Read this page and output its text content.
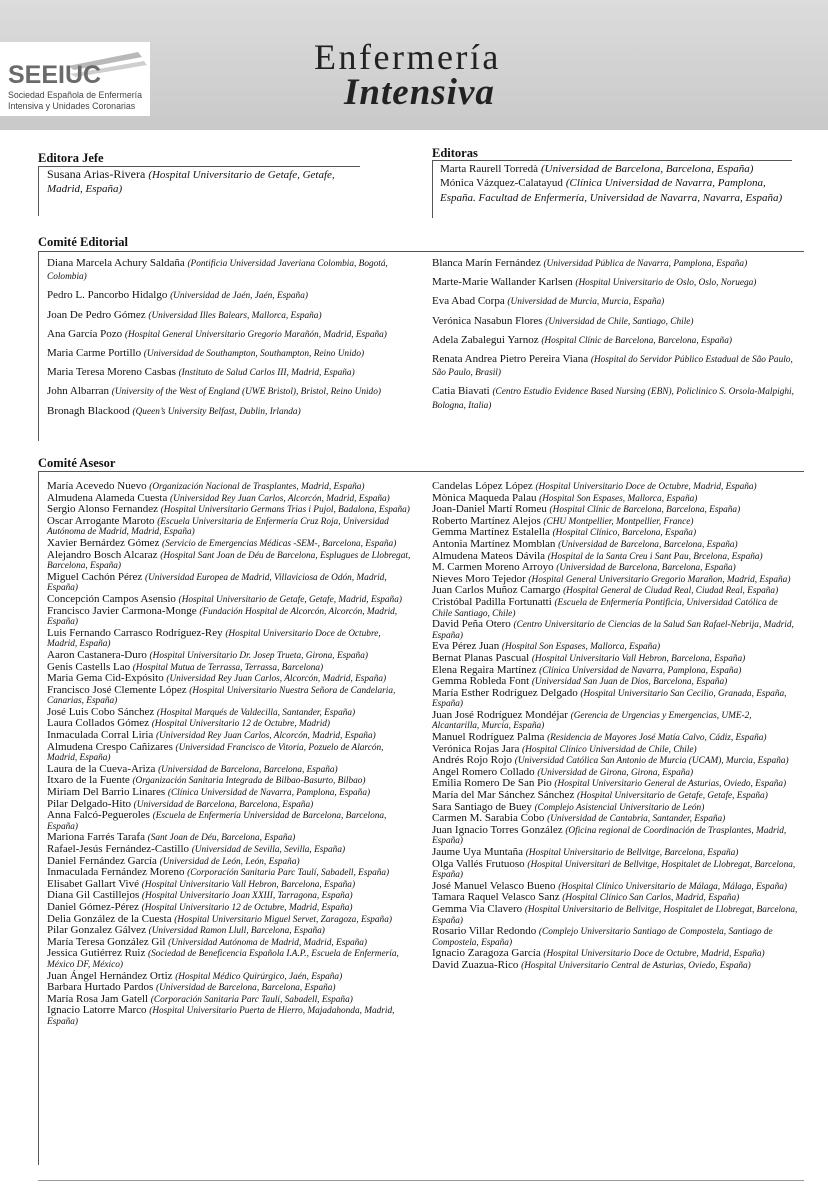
SEEIUC
Sociedad Española de Enfermería
Intensiva y Unidades Coronarias
Enfermería
Intensiva
Editora Jefe
Susana Arias-Rivera (Hospital Universitario de Getafe, Getafe, Madrid, España)
Editoras

Marta Raurell Torredà (Universidad de Barcelona, Barcelona, España)

Mónica Vázquez-Calatayud (Clínica Universidad de Navarra, Pamplona, España. Facultad de Enfermería, Universidad de Navarra, Navarra, España)

Comité Editorial

Diana Marcela Achury Saldaña (Pontificia Universidad Javeriana Colombia, Bogotá, Colombia)

Pedro L. Pancorbo Hidalgo (Universidad de Jaén, Jaén, España)

Joan De Pedro Gómez (Universidad Illes Balears, Mallorca, España)

Ana García Pozo (Hospital General Universitario Gregorio Marañón, Madrid, España)

Maria Carme Portillo (Universidad de Southampton, Southampton, Reino Unido)

Maria Teresa Moreno Casbas (Instituto de Salud Carlos III, Madrid, España)

John Albarran (University of the West of England (UWE Bristol), Bristol, Reino Unido)

Bronagh Blackood (Queen’s University Belfast, Dublin, Irlanda)

Blanca Marín Fernández (Universidad Pública de Navarra, Pamplona, España)

Marte-Marie Wallander Karlsen (Hospital Universitario de Oslo, Oslo, Noruega)

Eva Abad Corpa (Universidad de Murcia, Murcia, España)

Verónica Nasabun Flores (Universidad de Chile, Santiago, Chile)

Adela Zabalegui Yarnoz (Hospital Clínic de Barcelona, Barcelona, España)

Renata Andrea Pietro Pereira Viana (Hospital do Servidor Público Estadual de São Paulo, São Paulo, Brasil)

Catia Biavati (Centro Estudio Evidence Based Nursing (EBN), Policlinico S. Orsola-Malpighi, Bologna, Italia)

Comité Asesor

María Acevedo Nuevo (Organización Nacional de Trasplantes, Madrid, España)

Almudena Alameda Cuesta (Universidad Rey Juan Carlos, Alcorcón, Madrid, España)

Sergio Alonso Fernandez (Hospital Universitario Germans Trias i Pujol, Badalona, España)

Oscar Arrogante Maroto (Escuela Universitaria de Enfermería Cruz Roja, Universidad Autónoma de Madrid, Madrid, España)

Xavier Bernárdez Gómez (Servicio de Emergencias Médicas -SEM-, Barcelona, España)

Alejandro Bosch Alcaraz (Hospital Sant Joan de Déu de Barcelona, Esplugues de Llobregat, Barcelona, España)

Miguel Cachón Pérez (Universidad Europea de Madrid, Villaviciosa de Odón, Madrid, España)

Concepción Campos Asensio (Hospital Universitario de Getafe, Getafe, Madrid, España)

Francisco Javier Carmona-Monge (Fundación Hospital de Alcorcón, Alcorcón, Madrid, España)

Luis Fernando Carrasco Rodríguez-Rey (Hospital Universitario Doce de Octubre, Madrid, España)

Aaron Castanera-Duro (Hospital Universitario Dr. Josep Trueta, Girona, España)

Genis Castells Lao (Hospital Mutua de Terrassa, Terrassa, Barcelona)

Maria Gema Cid-Expósito (Universidad Rey Juan Carlos, Alcorcón, Madrid, España)

Francisco José Clemente López (Hospital Universitario Nuestra Señora de Candelaria, Canarias, España)

José Luis Cobo Sánchez (Hospital Marqués de Valdecilla, Santander, España)

Laura Collados Gómez (Hospital Universitario 12 de Octubre, Madrid)

Inmaculada Corral Liria (Universidad Rey Juan Carlos, Alcorcón, Madrid, España)

Almudena Crespo Cañizares (Universidad Francisco de Vitoria, Pozuelo de Alarcón, Madrid, España)

Laura de la Cueva-Ariza (Universidad de Barcelona, Barcelona, España)

Itxaro de la Fuente (Organización Sanitaria Integrada de Bilbao-Basurto, Bilbao)

Miriam Del Barrio Linares (Clínica Universidad de Navarra, Pamplona, España)

Pilar Delgado-Hito (Universidad de Barcelona, Barcelona, España)

Anna Falcó-Pegueroles (Escuela de Enfermería Universidad de Barcelona, Barcelona, España)

Mariona Farrés Tarafa (Sant Joan de Déu, Barcelona, España)

Rafael-Jesús Fernández-Castillo (Universidad de Sevilla, Sevilla, España)

Daniel Fernández García (Universidad de León, León, España)

Inmaculada Fernández Moreno (Corporación Sanitaria Parc Taulí, Sabadell, España)

Elisabet Gallart Vivé (Hospital Universitario Vall Hebron, Barcelona, España)

Diana Gil Castillejos (Hospital Universitario Joan XXIII, Tarragona, España)

Daniel Gómez-Pérez (Hospital Universitario 12 de Octubre, Madrid, España)

Delia González de la Cuesta (Hospital Universitario Miguel Servet, Zaragoza, España)

Pilar Gonzalez Gálvez (Universidad Ramon Llull, Barcelona, España)

María Teresa González Gil (Universidad Autónoma de Madrid, Madrid, España)

Jessica Gutiérrez Ruiz (Sociedad de Beneficencia Española I.A.P., Escuela de Enfermería, México DF, México)

Juan Ángel Hernández Ortiz (Hospital Médico Quirúrgico, Jaén, España)

Barbara Hurtado Pardos (Universidad de Barcelona, Barcelona, España)

María Rosa Jam Gatell (Corporación Sanitaria Parc Taulí, Sabadell, España)

Ignacio Latorre Marco (Hospital Universitario Puerta de Hierro, Majadahonda, Madrid, España)

Candelas López López (Hospital Universitario Doce de Octubre, Madrid, España)

Mònica Maqueda Palau (Hospital Son Espases, Mallorca, España)

Joan-Daniel Martí Romeu (Hospital Clínic de Barcelona, Barcelona, España)

Roberto Martínez Alejos (CHU Montpellier, Montpellier, France)

Gemma Martínez Estalella (Hospital Clínico, Barcelona, España)

Antonia Martínez Momblan (Universidad de Barcelona, Barcelona, España)

Almudena Mateos Dávila (Hospital de la Santa Creu i Sant Pau, Brcelona, España)

M. Carmen Moreno Arroyo (Universidad de Barcelona, Barcelona, España)

Nieves Moro Tejedor (Hospital General Universitario Gregorio Marañon, Madrid, España)

Juan Carlos Muñoz Camargo (Hospital General de Ciudad Real, Ciudad Real, España)

Cristóbal Padilla Fortunatti (Escuela de Enfermería Pontificia, Universidad Católica de Chile Santiago, Chile)

David Peña Otero (Centro Universitario de Ciencias de la Salud San Rafael-Nebrija, Madrid, España)

Eva Pérez Juan (Hospital Son Espases, Mallorca, España)

Bernat Planas Pascual (Hospital Universitario Vall Hebron, Barcelona, España)

Elena Regaira Martínez (Clínica Universidad de Navarra, Pamplona, España)

Gemma Robleda Font (Universidad San Juan de Dios, Barcelona, España)

María Esther Rodríguez Delgado (Hospital Universitario San Cecilio, Granada, España, España)

Juan José Rodríguez Mondéjar (Gerencia de Urgencias y Emergencias, UME-2, Alcantarilla, Murcia, España)

Manuel Rodríguez Palma (Residencia de Mayores José Matía Calvo, Cádiz, España)

Verónica Rojas Jara (Hospital Clínico Universidad de Chile, Chile)

Andrés Rojo Rojo (Universidad Católica San Antonio de Murcia (UCAM), Murcia, España)

Angel Romero Collado (Universidad de Girona, Girona, España)

Emilia Romero De San Pio (Hospital Universitario General de Asturias, Oviedo, España)

María del Mar Sánchez Sánchez (Hospital Universitario de Getafe, Getafe, España)

Sara Santiago de Buey (Complejo Asistencial Universitario de León)

Carmen M. Sarabia Cobo (Universidad de Cantabria, Santander, España)

Juan Ignacio Torres González (Oficina regional de Coordinación de Trasplantes, Madrid, España)

Jaume Uya Muntaña (Hospital Universitario de Bellvitge, Barcelona, España)

Olga Vallés Frutuoso (Hospital Universitari de Bellvitge, Hospitalet de Llobregat, Barcelona, España)

José Manuel Velasco Bueno (Hospital Clínico Universitario de Málaga, Málaga, España)

Tamara Raquel Velasco Sanz (Hospital Clínico San Carlos, Madrid, España)

Gemma Via Clavero (Hospital Universitario de Bellvitge, Hospitalet de Llobregat, Barcelona, España)

Rosario Villar Redondo (Complejo Universitario Santiago de Compostela, Santiago de Compostela, España)

Ignacio Zaragoza García (Hospital Universitario Doce de Octubre, Madrid, España)

David Zuazua-Rico (Hospital Universitario Central de Asturias, Oviedo, España)
